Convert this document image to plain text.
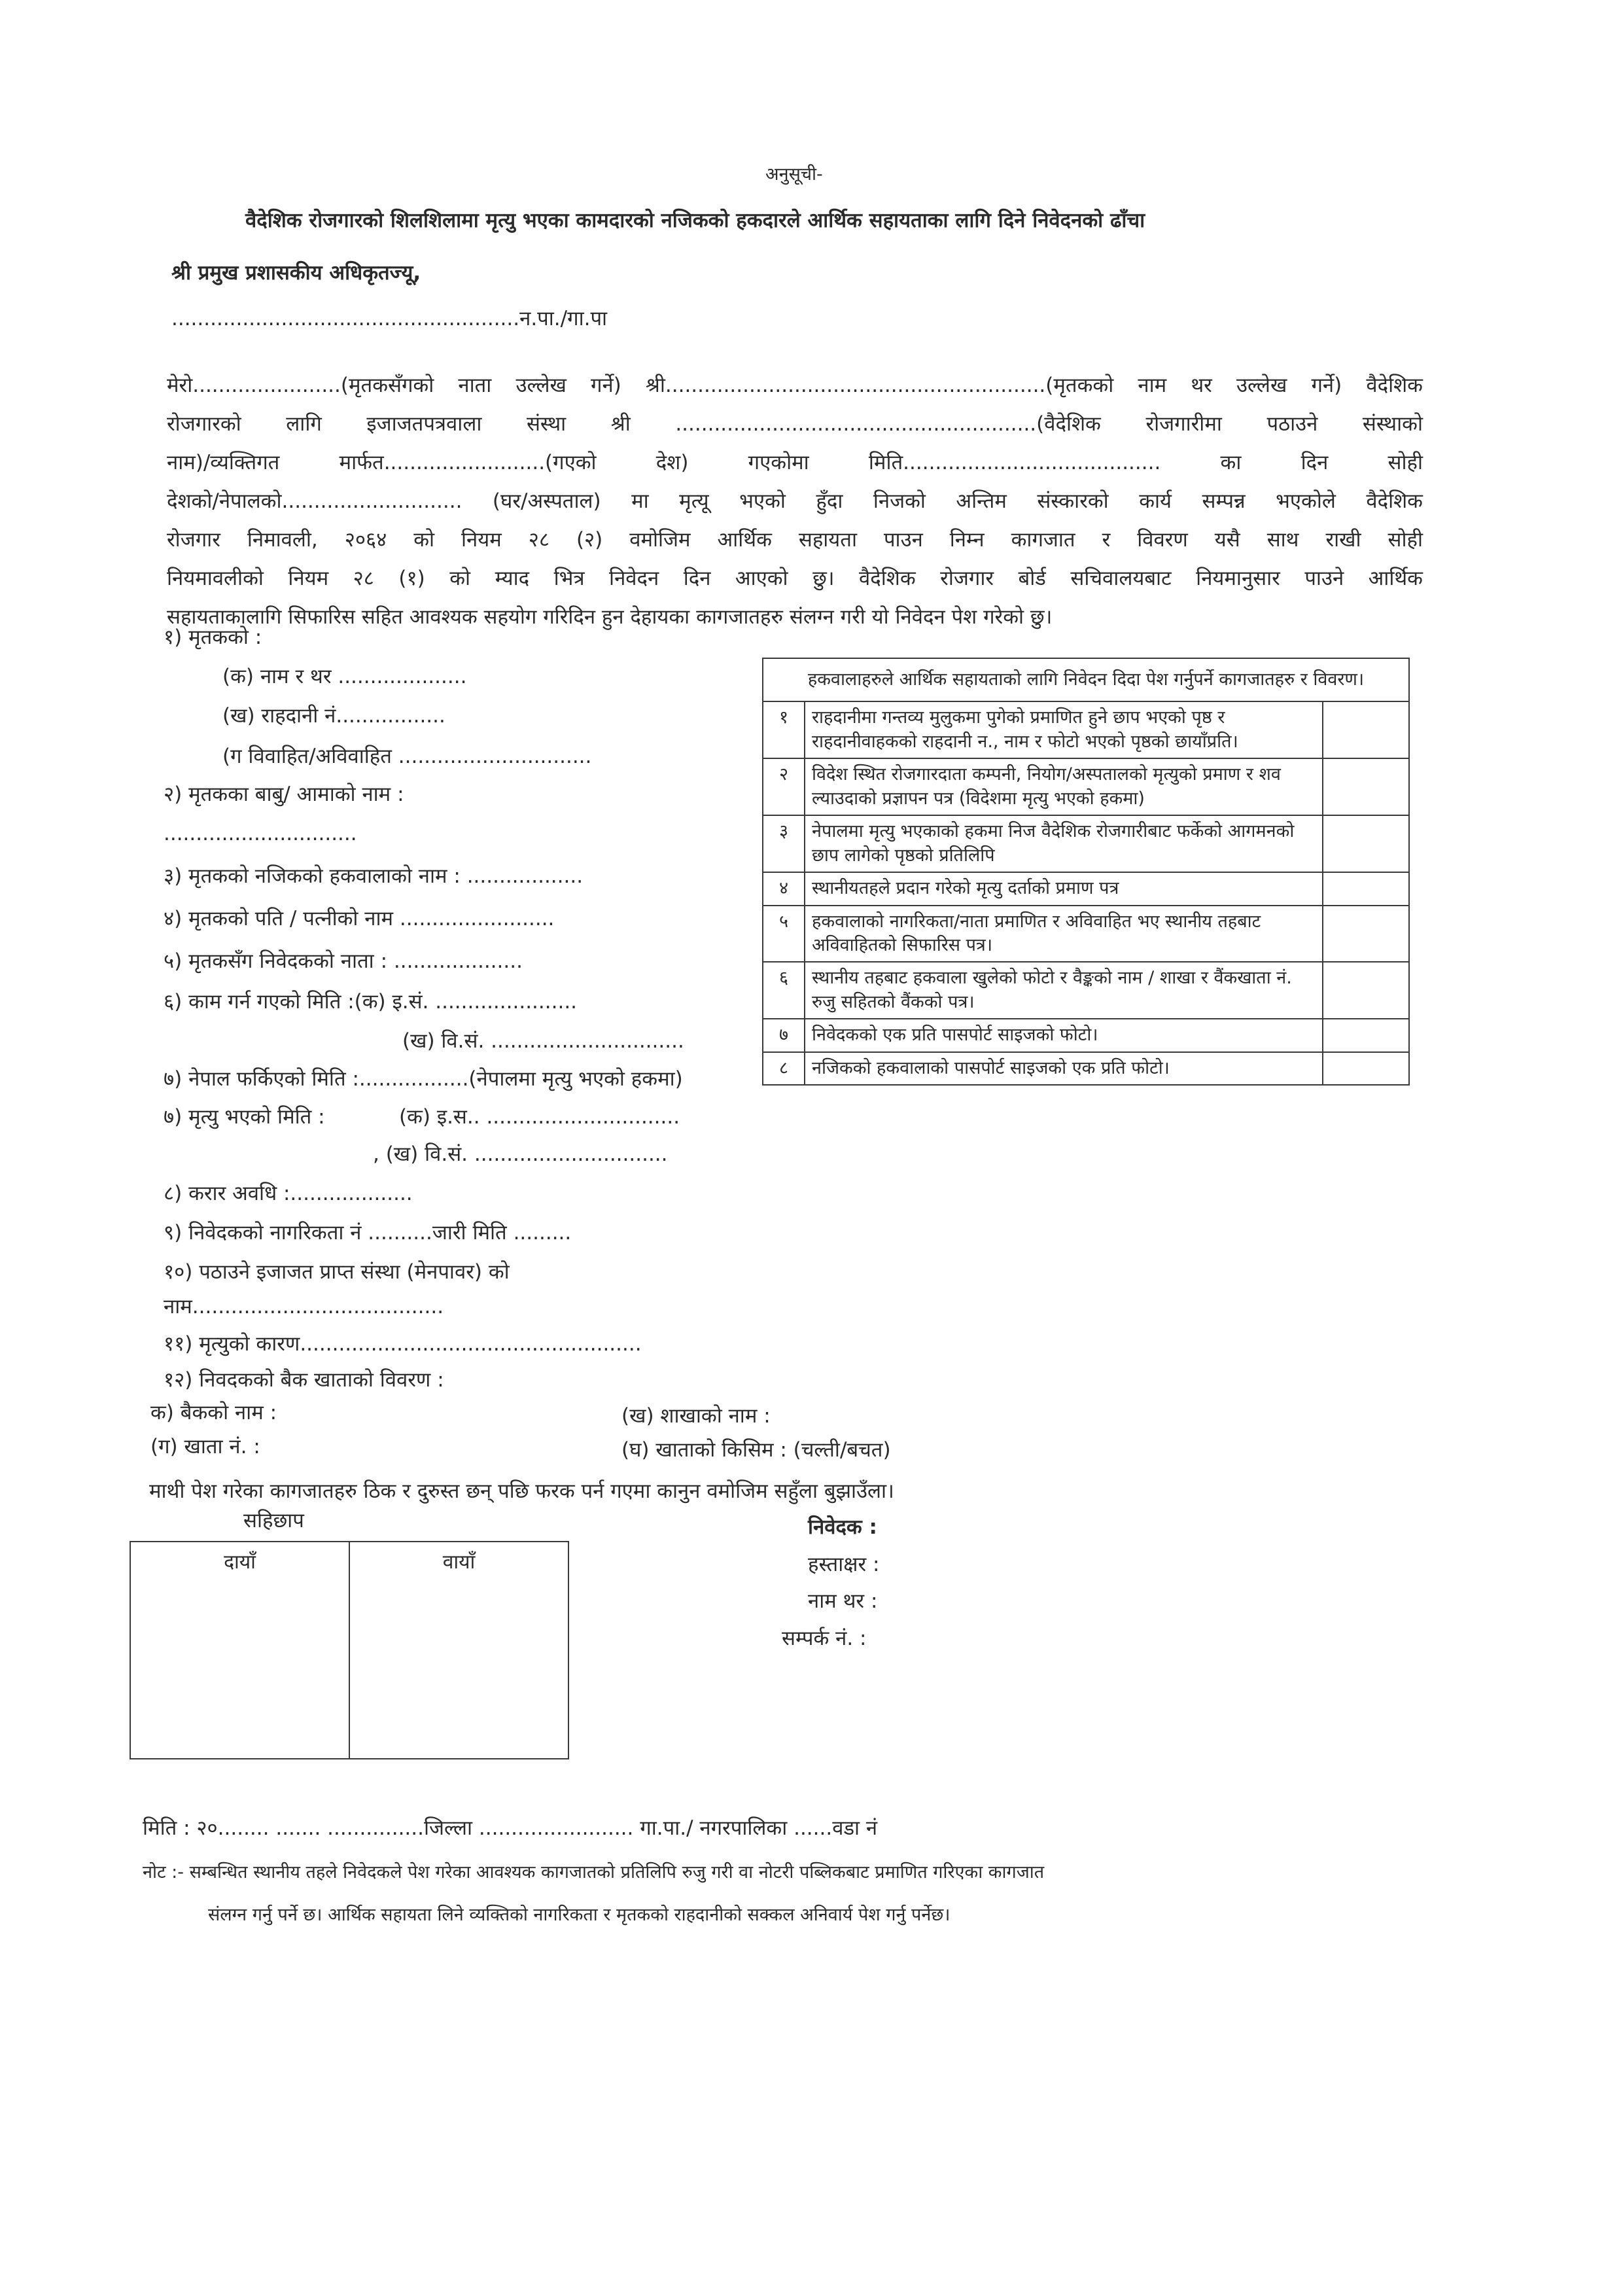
अनुसूची-
वैदेशिक रोजगारको शिलशिलामा मृत्यु भएका कामदारको नजिकको हकदारले आर्थिक सहायताका लागि दिने निवेदनको ढाँचा
श्री प्रमुख प्रशासकीय अधिकृतज्यू,
......................................................न.पा./गा.पा
मेरो.......................(मृतकसँगको नाता उल्लेख गर्ने) श्री...........................................................(मृतकको नाम थर उल्लेख गर्ने) वैदेशिक
रोजगारको लागि इजाजतपत्रवाला संस्था श्री ........................................................(वैदेशिक रोजगारीमा पठाउने संस्थाको
नाम)/व्यक्तिगत मार्फत.........................(गएको देश) गएकोमा मिति........................................ का दिन सोही
देशको/नेपालको............................ (घर/अस्पताल) मा मृत्यू भएको हुँदा निजको अन्तिम संस्कारको कार्य सम्पन्न भएकोले वैदेशिक
रोजगार निमावली, २०६४ को नियम २८ (२) वमोजिम आर्थिक सहायता पाउन निम्न कागजात र विवरण यसै साथ राखी सोही
नियमावलीको नियम २८ (१) को म्याद भित्र निवेदन दिन आएको छु। वैदेशिक रोजगार बोर्ड सचिवालयबाट नियमानुसार पाउने आर्थिक
सहायताकालागि सिफारिस सहित आवश्यक सहयोग गरिदिन हुन देहायका कागजातहरु संलग्न गरी यो निवेदन पेश गरेको छु।
१) मृतकको :
(क) नाम र थर ....................
(ख) राहदानी नं.................
(ग विवाहित/अविवाहित ..............................
२) मृतकका बाबु/ आमाको नाम :
..............................
३) मृतकको नजिकको हकवालाको नाम : ..................
४) मृतकको पति / पत्नीको नाम ........................
५) मृतकसँग निवेदकको नाता : ....................
६) काम गर्न गएको मिति :(क) इ.सं. ......................
(ख) वि.सं. ..............................
७) नेपाल फर्किएको मिति :.................(नेपालमा मृत्यु भएको हकमा)
७) मृत्यु भएको मिति :	(क) इ.स.. ..............................
, (ख) वि.सं. ..............................
८) करार अवधि :...................
९) निवेदकको नागरिकता नं ..........जारी मिति .........
१०) पठाउने इजाजत प्राप्त संस्था (मेनपावर) को
नाम.......................................
११) मृत्युको कारण.....................................................
१२) निवदकको बैक खाताको विवरण :
क) बैकको नाम :	(ख) शाखाको नाम :
(ग) खाता नं. :	(घ) खाताको किसिम : (चल्ती/बचत)
हकवालाहरुले आर्थिक सहायताको लागि निवेदन दिदा पेश गर्नुपर्ने कागजातहरु र विवरण।		
१	राहदानीमा गन्तव्य मुलुकमा पुगेको प्रमाणित हुने छाप भएको पृष्ठ र राहदानीवाहकको राहदानी न., नाम र फोटो भएको पृष्ठको छायाँप्रति।	
२	विदेश स्थित रोजगारदाता कम्पनी, नियोग/अस्पतालको मृत्युको प्रमाण र शव ल्याउदाको प्रज्ञापन पत्र (विदेशमा मृत्यु भएको हकमा)	
३	नेपालमा मृत्यु भएकाको हकमा निज वैदेशिक रोजगारीबाट फर्केको आगमनको छाप लागेको पृष्ठको प्रतिलिपि	
४	स्थानीयतहले प्रदान गरेको मृत्यु दर्ताको प्रमाण पत्र	
५	हकवालाको नागरिकता/नाता प्रमाणित र अविवाहित भए स्थानीय तहबाट अविवाहितको सिफारिस पत्र।	
६	स्थानीय तहबाट हकवाला खुलेको फोटो र वैङ्कको नाम / शाखा र वैंकखाता नं. रुजु सहितको वैंकको पत्र।	
७	निवेदकको एक प्रति पासपोर्ट साइजको फोटो।	
८	नजिकको हकवालाको पासपोर्ट साइजको एक प्रति फोटो।	
माथी पेश गरेका कागजातहरु ठिक र दुरुस्त छन् पछि फरक पर्न गएमा कानुन वमोजिम सहुँला बुझाउँला।
सहिछाप
दायाँ	वायाँ
निवेदक :
हस्ताक्षर :
नाम थर :
सम्पर्क नं. :
मिति : २०........ ....... ...............जिल्ला ........................ गा.पा./ नगरपालिका ......वडा नं
नोट :- सम्बन्धित स्थानीय तहले निवेदकले पेश गरेका आवश्यक कागजातको प्रतिलिपि रुजु गरी वा नोटरी पब्लिकबाट प्रमाणित गरिएका कागजात
संलग्न गर्नु पर्ने छ। आर्थिक सहायता लिने व्यक्तिको नागरिकता र मृतकको राहदानीको सक्कल अनिवार्य पेश गर्नु पर्नेछ।
